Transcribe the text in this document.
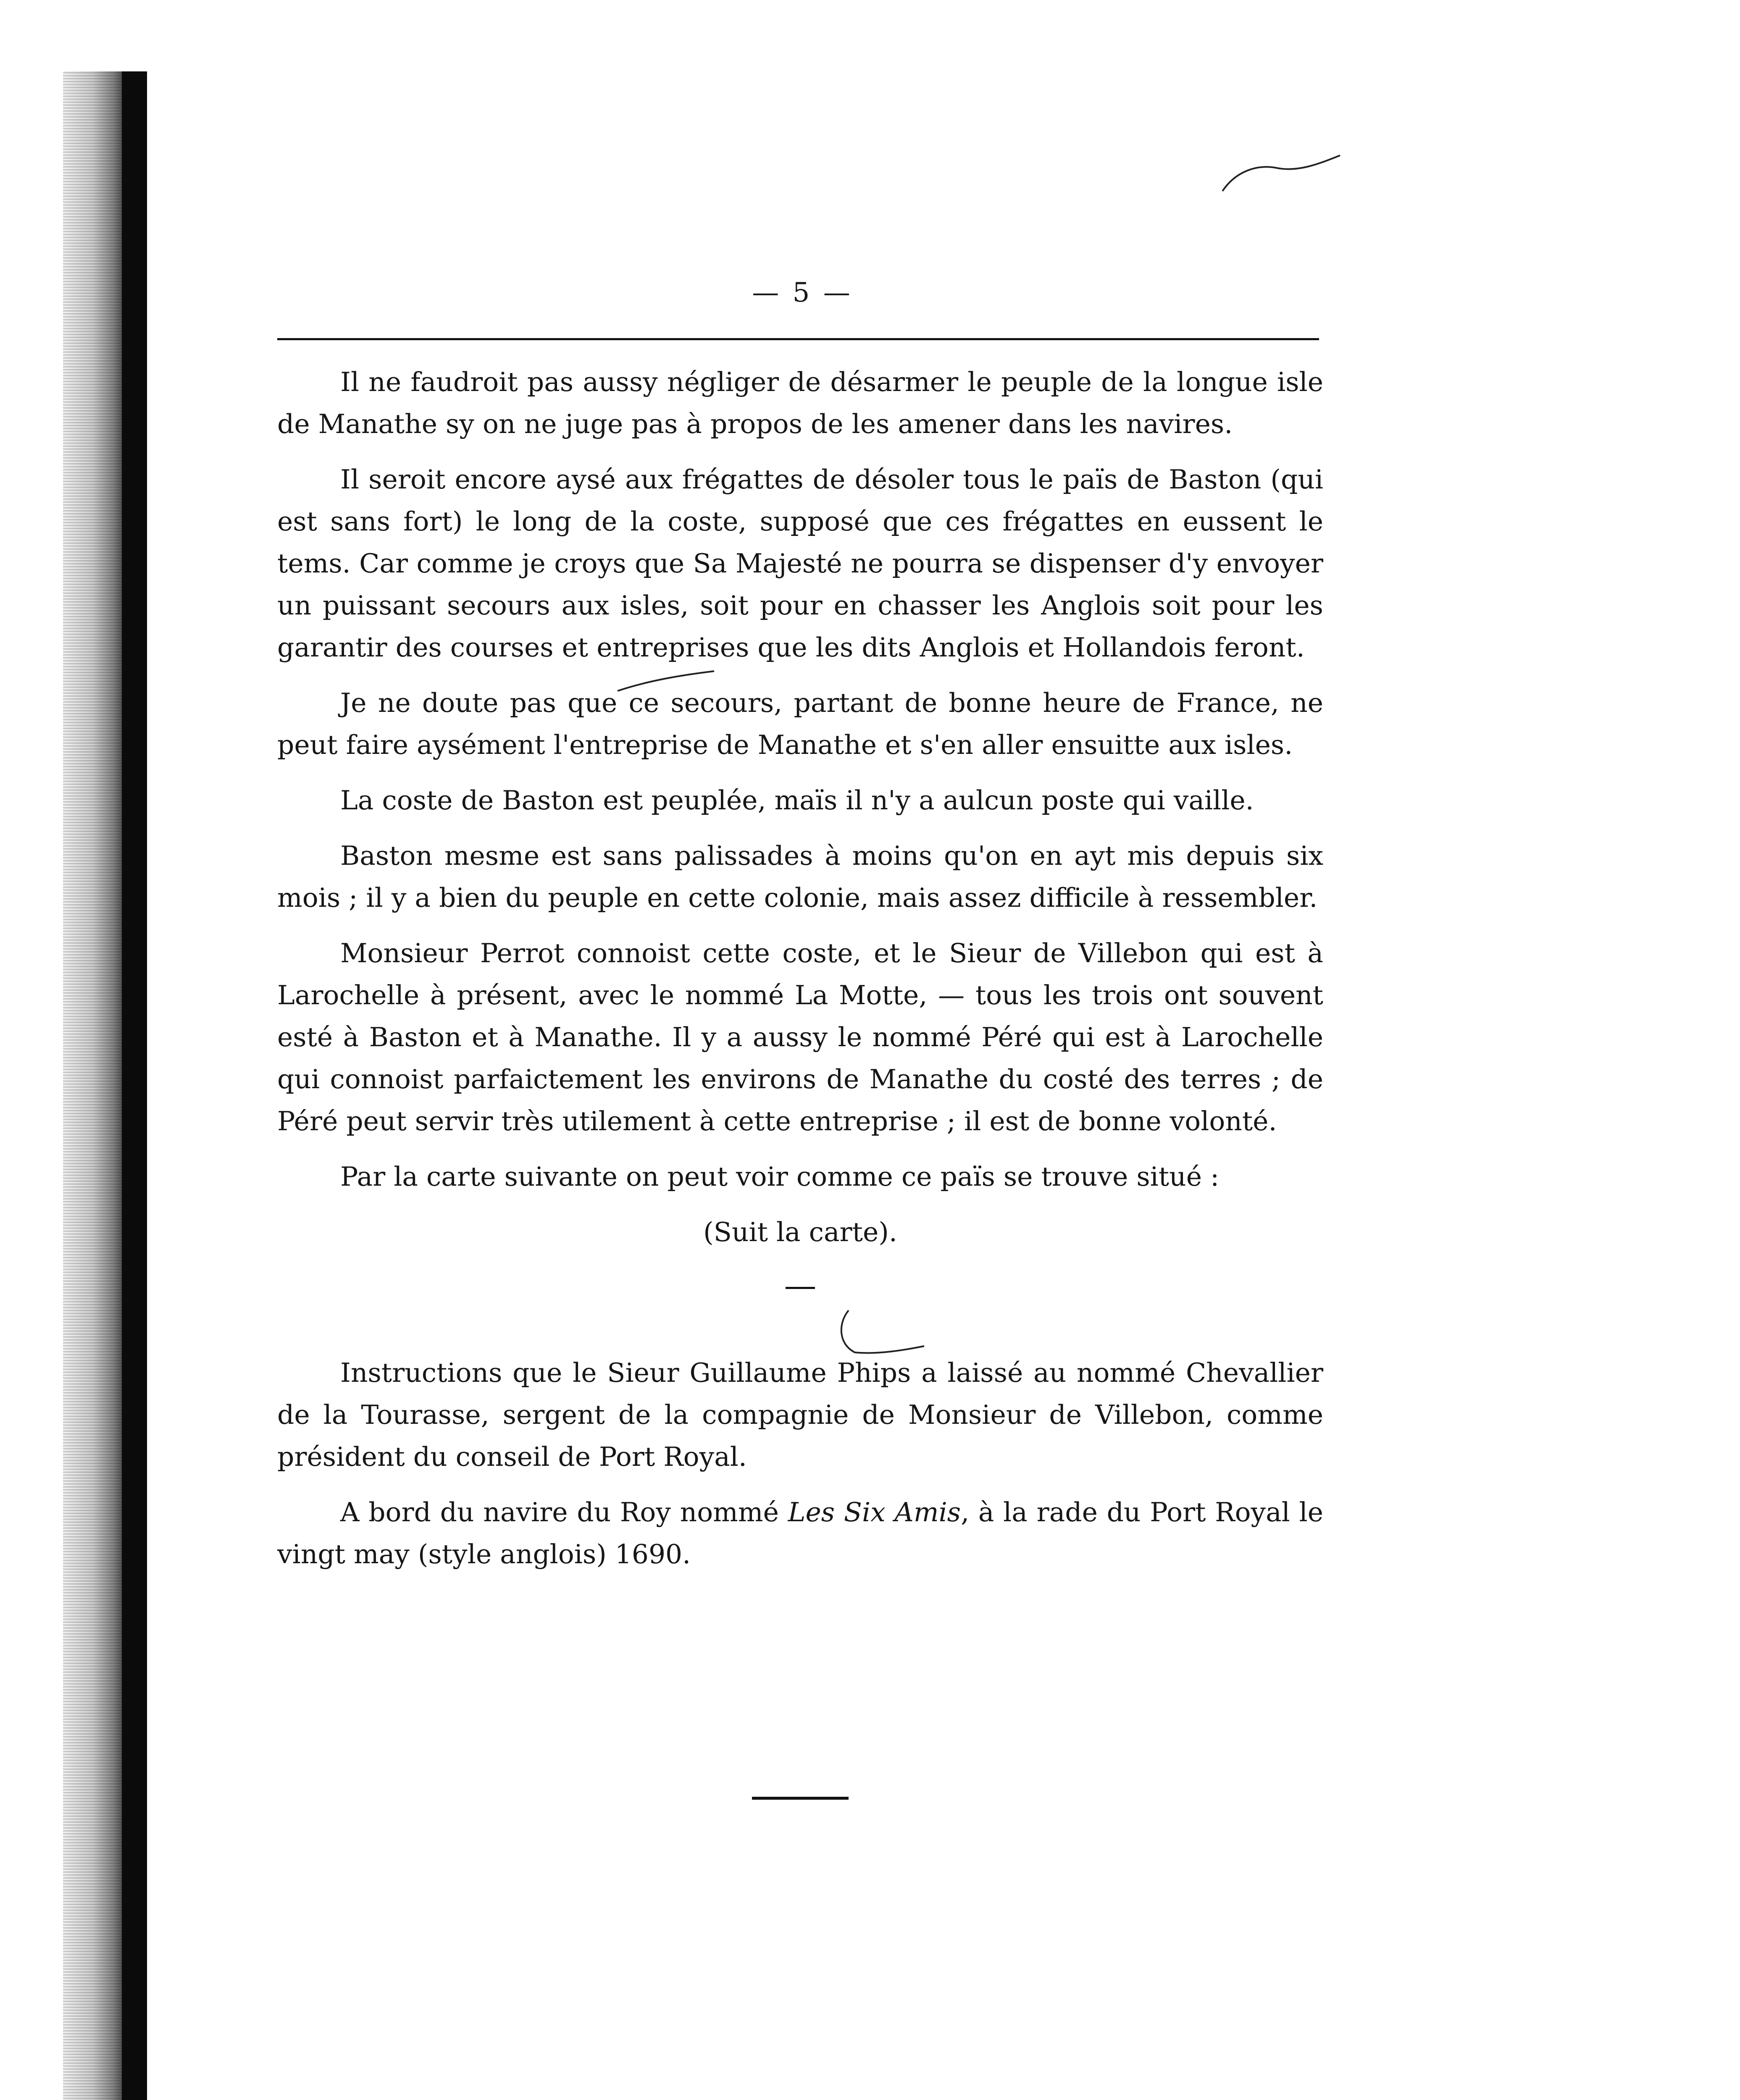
— 5 —

Il ne faudroit pas aussy négliger de désarmer le peuple de la longue isle de Manathe sy on ne juge pas à propos de les amener dans les navires.

Il seroit encore aysé aux frégattes de désoler tous le païs de Baston (qui est sans fort) le long de la coste, supposé que ces frégattes en eussent le tems. Car comme je croys que Sa Majesté ne pourra se dispenser d'y envoyer un puissant secours aux isles, soit pour en chasser les Anglois soit pour les garantir des courses et entreprises que les dits Anglois et Hollandois feront.

Je ne doute pas que ce secours, partant de bonne heure de France, ne peut faire aysément l'entreprise de Manathe et s'en aller ensuitte aux isles.

La coste de Baston est peuplée, maïs il n'y a aulcun poste qui vaille.

Baston mesme est sans palissades à moins qu'on en ayt mis depuis six mois ; il y a bien du peuple en cette colonie, mais assez difficile à ressembler.

Monsieur Perrot connoist cette coste, et le Sieur de Villebon qui est à Larochelle à présent, avec le nommé La Motte, — tous les trois ont souvent esté à Baston et à Manathe. Il y a aussy le nommé Péré qui est à Larochelle qui connoist parfaictement les environs de Manathe du costé des terres ; de Péré peut servir très utilement à cette entreprise ; il est de bonne volonté.

Par la carte suivante on peut voir comme ce païs se trouve situé :

(Suit la carte).

Instructions que le Sieur Guillaume Phips a laissé au nommé Chevallier de la Tourasse, sergent de la compagnie de Monsieur de Villebon, comme président du conseil de Port Royal.

A bord du navire du Roy nommé Les Six Amis, à la rade du Port Royal le vingt may (style anglois) 1690.
